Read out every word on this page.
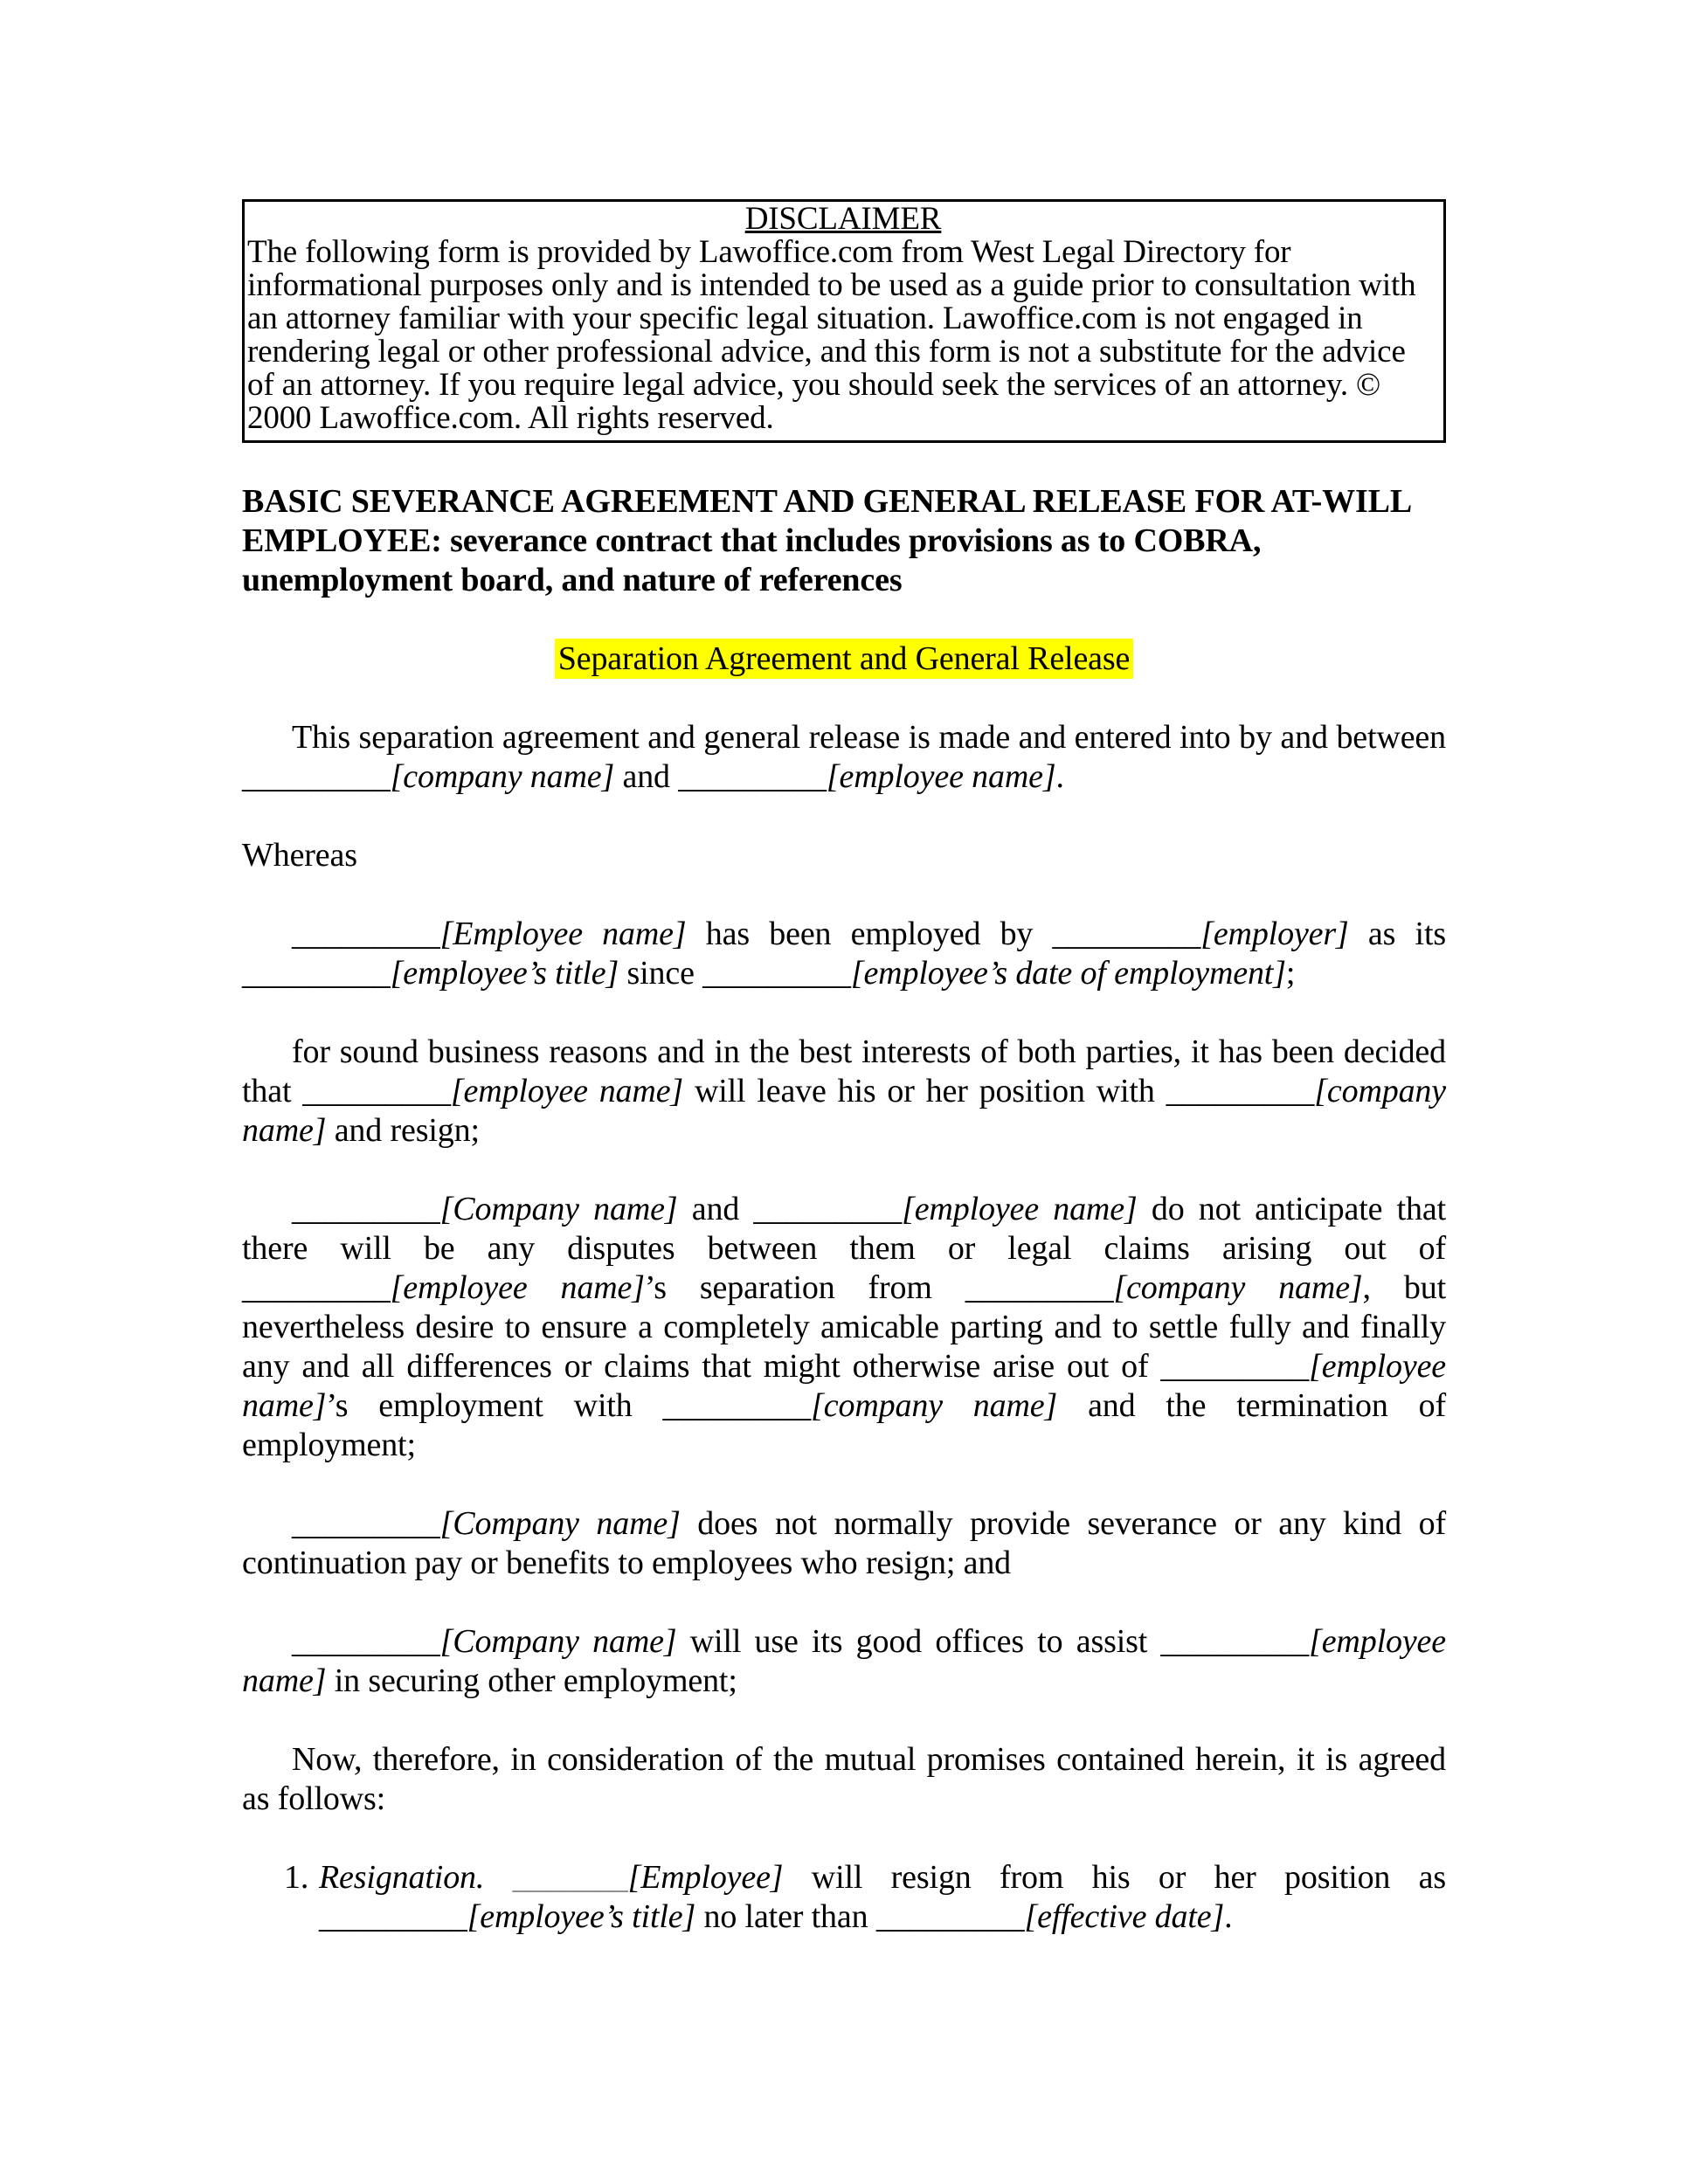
DISCLAIMER
The following form is provided by Lawoffice.com from West Legal Directory for informational purposes only and is intended to be used as a guide prior to consultation with an attorney familiar with your specific legal situation. Lawoffice.com is not engaged in rendering legal or other professional advice, and this form is not a substitute for the advice of an attorney. If you require legal advice, you should seek the services of an attorney. © 2000 Lawoffice.com. All rights reserved.

BASIC SEVERANCE AGREEMENT AND GENERAL RELEASE FOR AT-WILL EMPLOYEE: severance contract that includes provisions as to COBRA, unemployment board, and nature of references

Separation Agreement and General Release

This separation agreement and general release is made and entered into by and between _________[company name] and _________[employee name].

Whereas

_________[Employee name] has been employed by _________[employer] as its _________[employee’s title] since _________[employee’s date of employment];

for sound business reasons and in the best interests of both parties, it has been decided that _________[employee name] will leave his or her position with _________[company name] and resign;

_________[Company name] and _________[employee name] do not anticipate that there will be any disputes between them or legal claims arising out of _________[employee name]’s separation from _________[company name], but nevertheless desire to ensure a completely amicable parting and to settle fully and finally any and all differences or claims that might otherwise arise out of _________[employee name]’s employment with _________[company name] and the termination of employment;

_________[Company name] does not normally provide severance or any kind of continuation pay or benefits to employees who resign; and

_________[Company name] will use its good offices to assist _________[employee name] in securing other employment;

Now, therefore, in consideration of the mutual promises contained herein, it is agreed as follows:

1. Resignation. _______[Employee] will resign from his or her position as _________[employee’s title] no later than _________[effective date].
